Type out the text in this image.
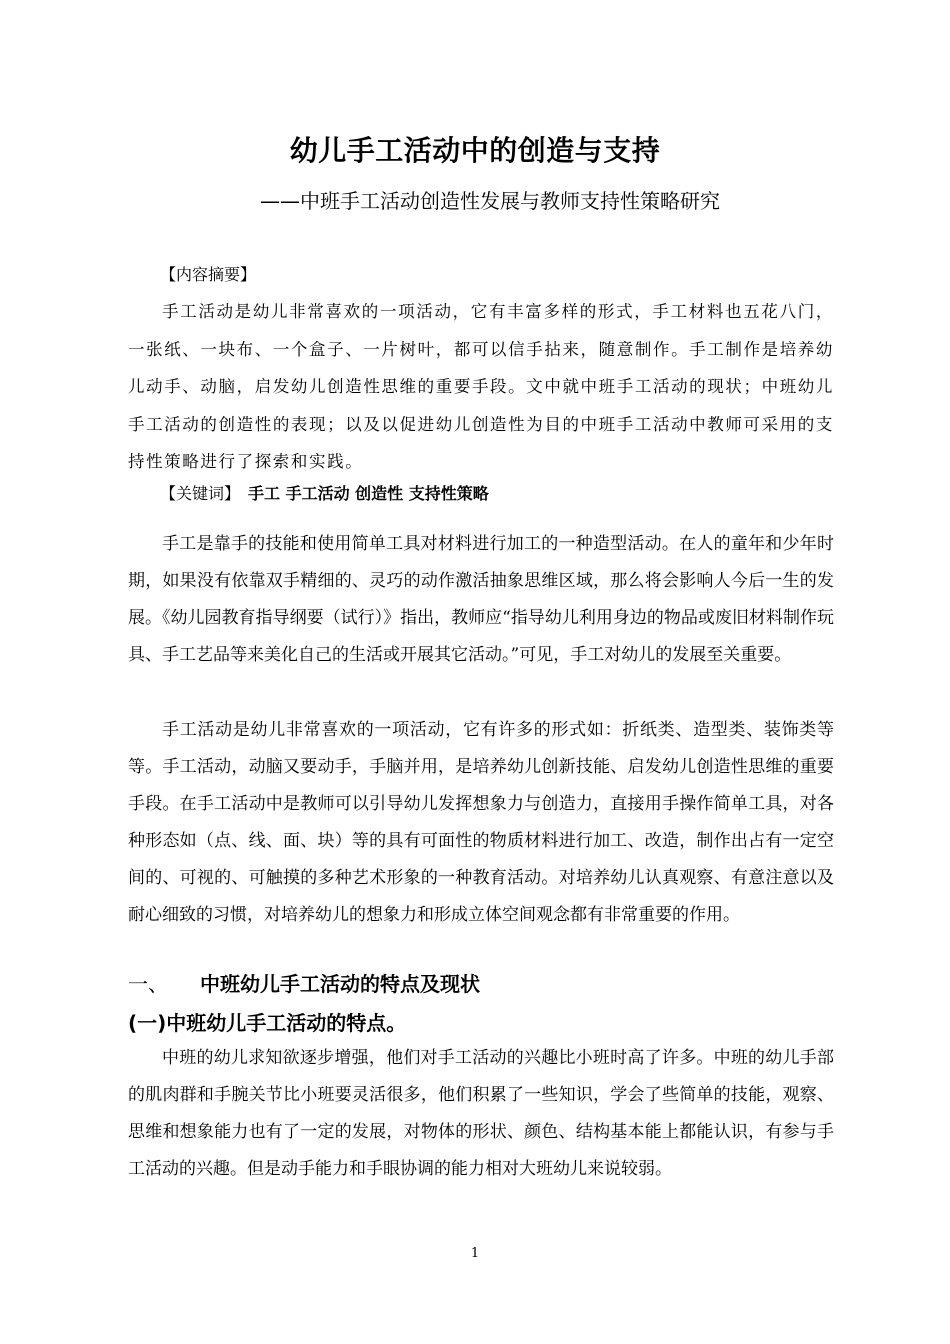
幼儿手工活动中的创造与支持
——中班手工活动创造性发展与教师支持性策略研究
【内容摘要】

手工活动是幼儿非常喜欢的一项活动，它有丰富多样的形式，手工材料也五花八门，一张纸、一块布、一个盒子、一片树叶，都可以信手拈来，随意制作。手工制作是培养幼儿动手、动脑，启发幼儿创造性思维的重要手段。文中就中班手工活动的现状；中班幼儿手工活动的创造性的表现；以及以促进幼儿创造性为目的中班手工活动中教师可采用的支持性策略进行了探索和实践。

【关键词】 手工 手工活动 创造性 支持性策略

手工是靠手的技能和使用简单工具对材料进行加工的一种造型活动。在人的童年和少年时期，如果没有依靠双手精细的、灵巧的动作激活抽象思维区域，那么将会影响人今后一生的发展。《幼儿园教育指导纲要（试行）》指出，教师应“指导幼儿利用身边的物品或废旧材料制作玩具、手工艺品等来美化自己的生活或开展其它活动。”可见，手工对幼儿的发展至关重要。

手工活动是幼儿非常喜欢的一项活动，它有许多的形式如：折纸类、造型类、装饰类等等。手工活动，动脑又要动手，手脑并用，是培养幼儿创新技能、启发幼儿创造性思维的重要手段。在手工活动中是教师可以引导幼儿发挥想象力与创造力，直接用手操作简单工具，对各种形态如（点、线、面、块）等的具有可面性的物质材料进行加工、改造，制作出占有一定空间的、可视的、可触摸的多种艺术形象的一种教育活动。对培养幼儿认真观察、有意注意以及耐心细致的习惯，对培养幼儿的想象力和形成立体空间观念都有非常重要的作用。

一、 中班幼儿手工活动的特点及现状
(一)中班幼儿手工活动的特点。

中班的幼儿求知欲逐步增强，他们对手工活动的兴趣比小班时高了许多。中班的幼儿手部的肌肉群和手腕关节比小班要灵活很多，他们积累了一些知识，学会了些简单的技能，观察、思维和想象能力也有了一定的发展，对物体的形状、颜色、结构基本能上都能认识，有参与手工活动的兴趣。但是动手能力和手眼协调的能力相对大班幼儿来说较弱。

1
